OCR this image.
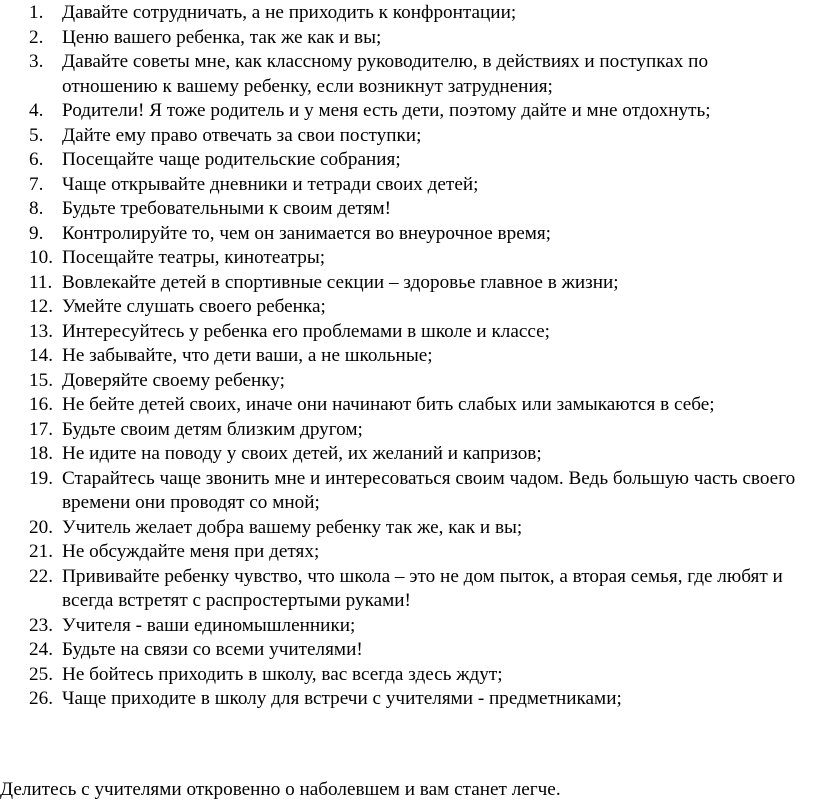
1. Давайте сотрудничать, а не приходить к конфронтации;
2. Ценю вашего ребенка, так же как и вы;
3. Давайте советы мне, как классному руководителю, в действиях и поступках по отношению к вашему ребенку, если возникнут затруднения;
4. Родители! Я тоже родитель и у меня есть дети, поэтому дайте и мне отдохнуть;
5. Дайте ему право отвечать за свои поступки;
6. Посещайте чаще родительские собрания;
7. Чаще открывайте дневники и тетради своих детей;
8. Будьте требовательными к своим детям!
9. Контролируйте то, чем он занимается во внеурочное время;
10. Посещайте театры, кинотеатры;
11. Вовлекайте детей в спортивные секции – здоровье главное в жизни;
12. Умейте слушать своего ребенка;
13. Интересуйтесь у ребенка его проблемами в школе и классе;
14. Не забывайте, что дети ваши, а не школьные;
15. Доверяйте своему ребенку;
16. Не бейте детей своих, иначе они начинают бить слабых или замыкаются в себе;
17. Будьте своим детям близким другом;
18. Не идите на поводу у своих детей, их желаний и капризов;
19. Старайтесь чаще звонить мне и интересоваться своим чадом. Ведь большую часть своего времени они проводят со мной;
20. Учитель желает добра вашему ребенку так же, как и вы;
21. Не обсуждайте меня при детях;
22. Прививайте ребенку чувство, что школа – это не дом пыток, а вторая семья, где любят и всегда встретят с распростертыми руками!
23. Учителя - ваши единомышленники;
24. Будьте на связи со всеми учителями!
25. Не бойтесь приходить в школу, вас всегда здесь ждут;
26. Чаще приходите в школу для встречи с учителями - предметниками;

Делитесь с учителями откровенно о наболевшем и вам станет легче.
